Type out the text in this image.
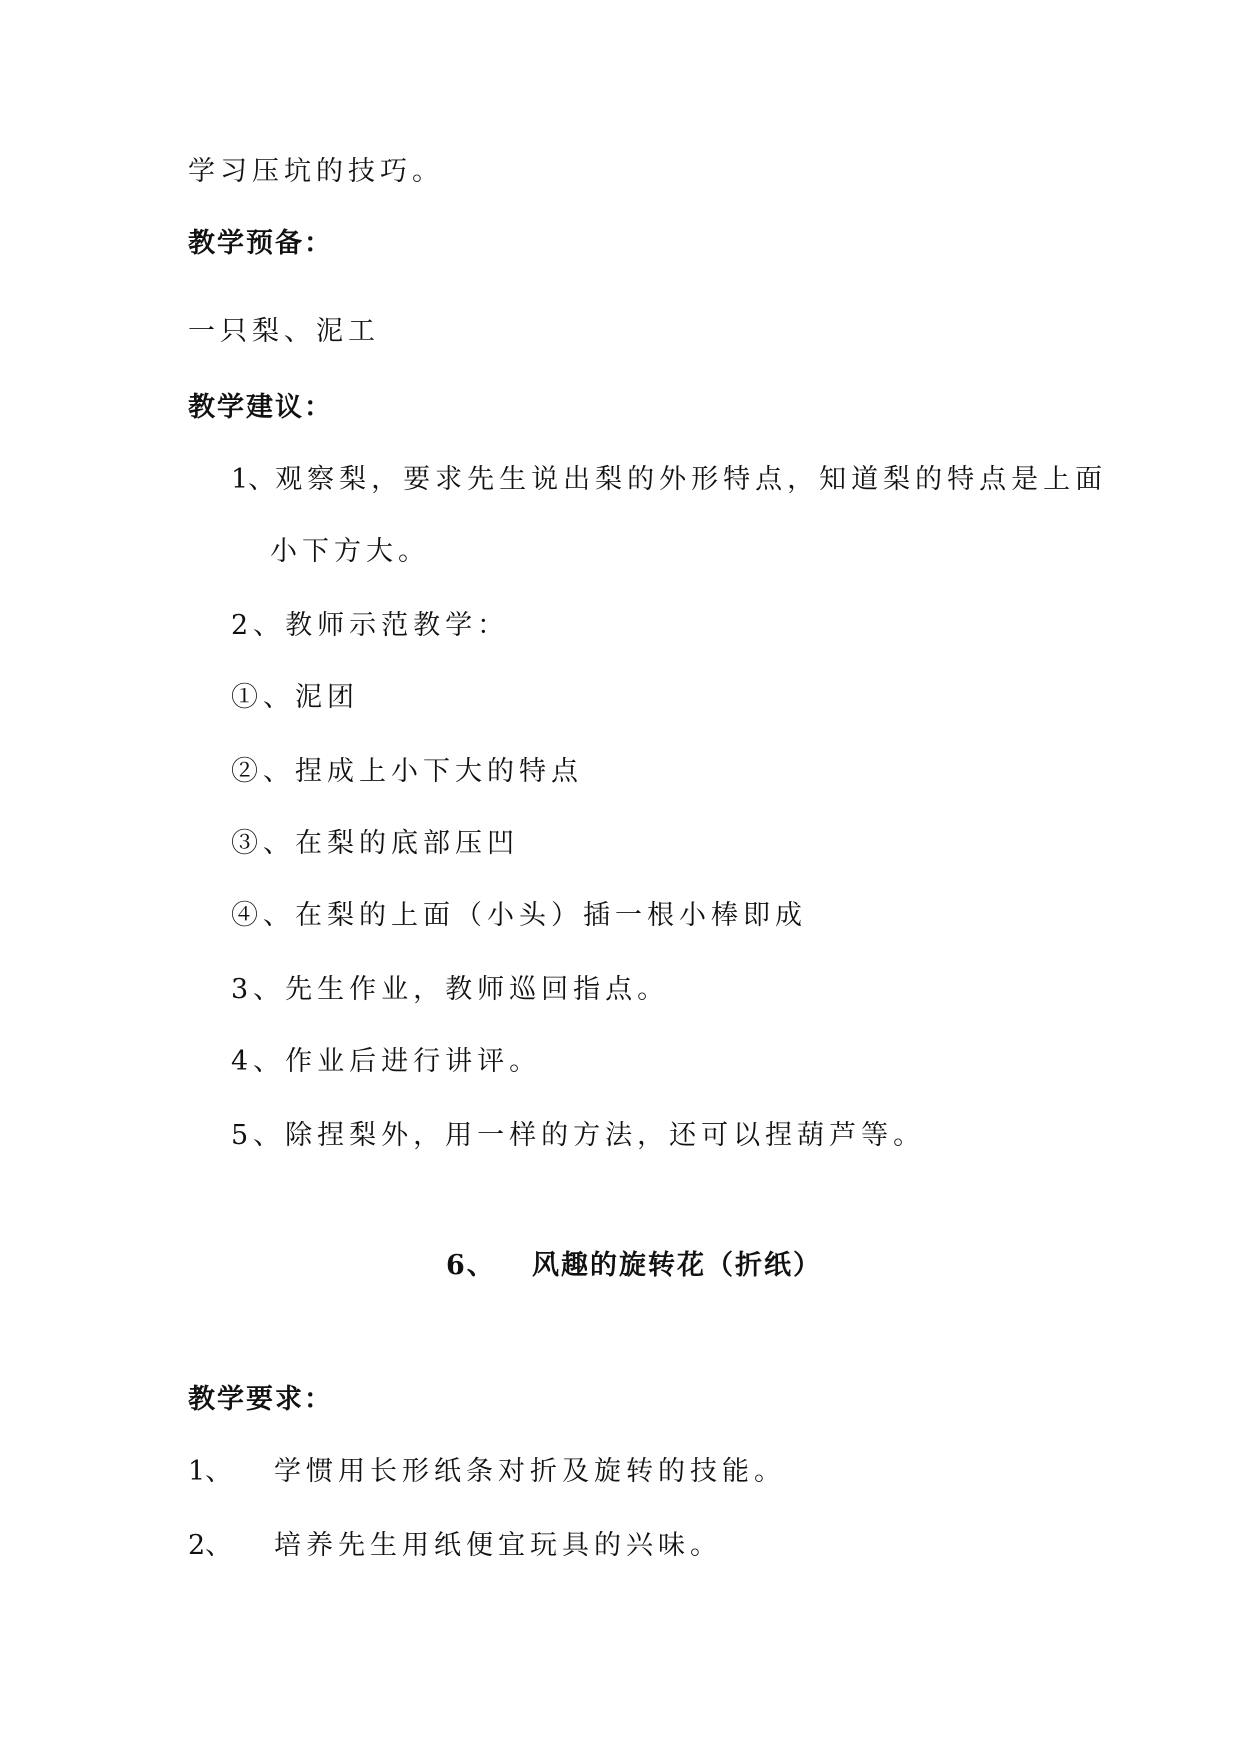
学习压坑的技巧。
教学预备：
一只梨、泥工
教学建议：
1、观察梨，要求先生说出梨的外形特点，知道梨的特点是上面
小下方大。
2、教师示范教学：
①、泥团
②、捏成上小下大的特点
③、在梨的底部压凹
④、在梨的上面（小头）插一根小棒即成
3、先生作业，教师巡回指点。
4、作业后进行讲评。
5、除捏梨外，用一样的方法，还可以捏葫芦等。
6、 风趣的旋转花（折纸）
教学要求：
1、 学惯用长形纸条对折及旋转的技能。
2、 培养先生用纸便宜玩具的兴味。
